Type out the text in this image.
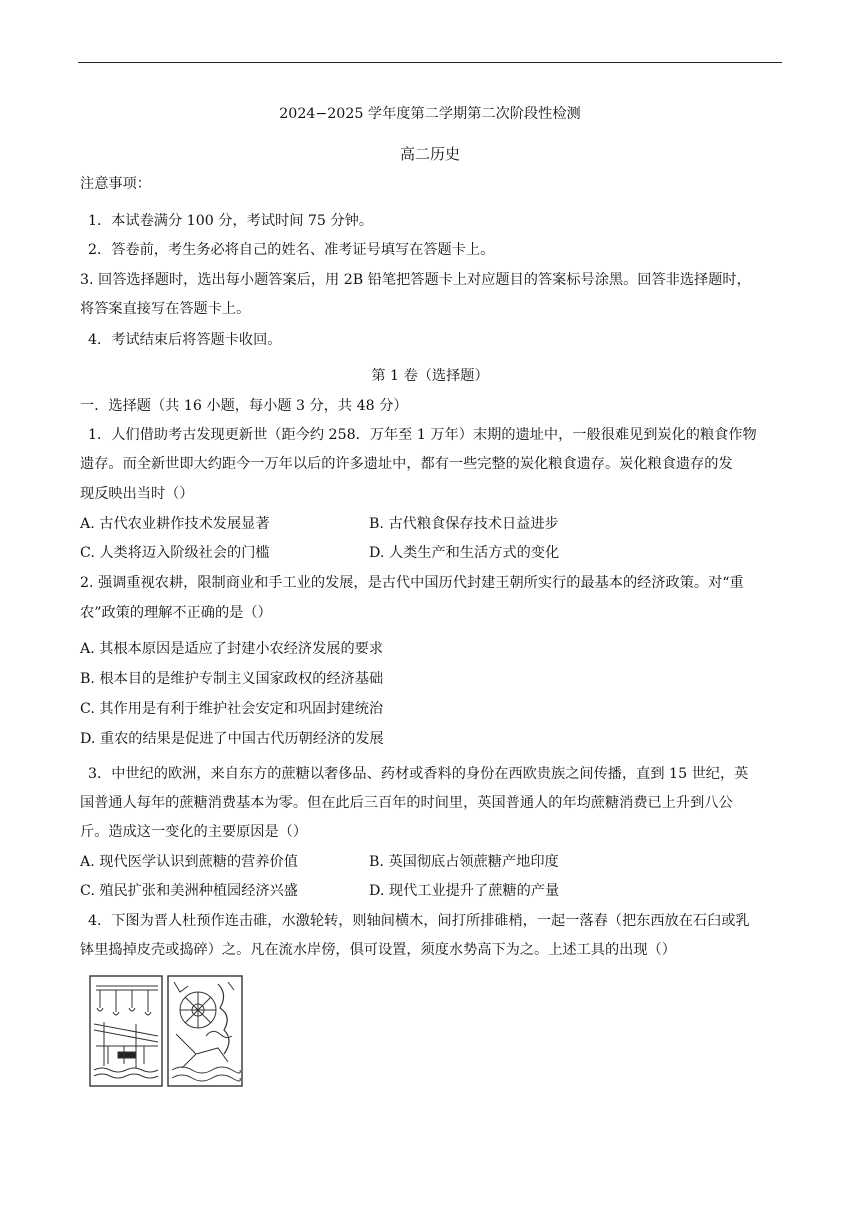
2024−2025 学年度第二学期第二次阶段性检测
高二历史
注意事项：
1．本试卷满分 100 分，考试时间 75 分钟。
2．答卷前，考生务必将自己的姓名、准考证号填写在答题卡上。
3. 回答选择题时，选出每小题答案后，用 2B 铅笔把答题卡上对应题目的答案标号涂黑。回答非选择题时，
将答案直接写在答题卡上。
4．考试结束后将答题卡收回。
第 1 卷（选择题）
一．选择题（共 16 小题，每小题 3 分，共 48 分）
1．人们借助考古发现更新世（距今约 258．万年至 1 万年）末期的遗址中，一般很难见到炭化的粮食作物
遗存。而全新世即大约距今一万年以后的许多遗址中，都有一些完整的炭化粮食遗存。炭化粮食遗存的发
现反映出当时（）
A. 古代农业耕作技术发展显著	B. 古代粮食保存技术日益进步
C. 人类将迈入阶级社会的门槛	D. 人类生产和生活方式的变化
2. 强调重视农耕，限制商业和手工业的发展，是古代中国历代封建王朝所实行的最基本的经济政策。对“重
农”政策的理解不正确的是（）
A. 其根本原因是适应了封建小农经济发展的要求
B. 根本目的是维护专制主义国家政权的经济基础
C. 其作用是有利于维护社会安定和巩固封建统治
D. 重农的结果是促进了中国古代历朝经济的发展
3．中世纪的欧洲，来自东方的蔗糖以奢侈品、药材或香料的身份在西欧贵族之间传播，直到 15 世纪，英
国普通人每年的蔗糖消费基本为零。但在此后三百年的时间里，英国普通人的年均蔗糖消费已上升到八公
斤。造成这一变化的主要原因是（）
A. 现代医学认识到蔗糖的营养价值	B. 英国彻底占领蔗糖产地印度
C. 殖民扩张和美洲种植园经济兴盛	D. 现代工业提升了蔗糖的产量
4．下图为晋人杜预作连击碓，水激轮转，则轴间横木，间打所排碓梢，一起一落舂（把东西放在石臼或乳
钵里捣掉皮壳或捣碎）之。凡在流水岸傍，俱可设置，须度水势高下为之。上述工具的出现（）
